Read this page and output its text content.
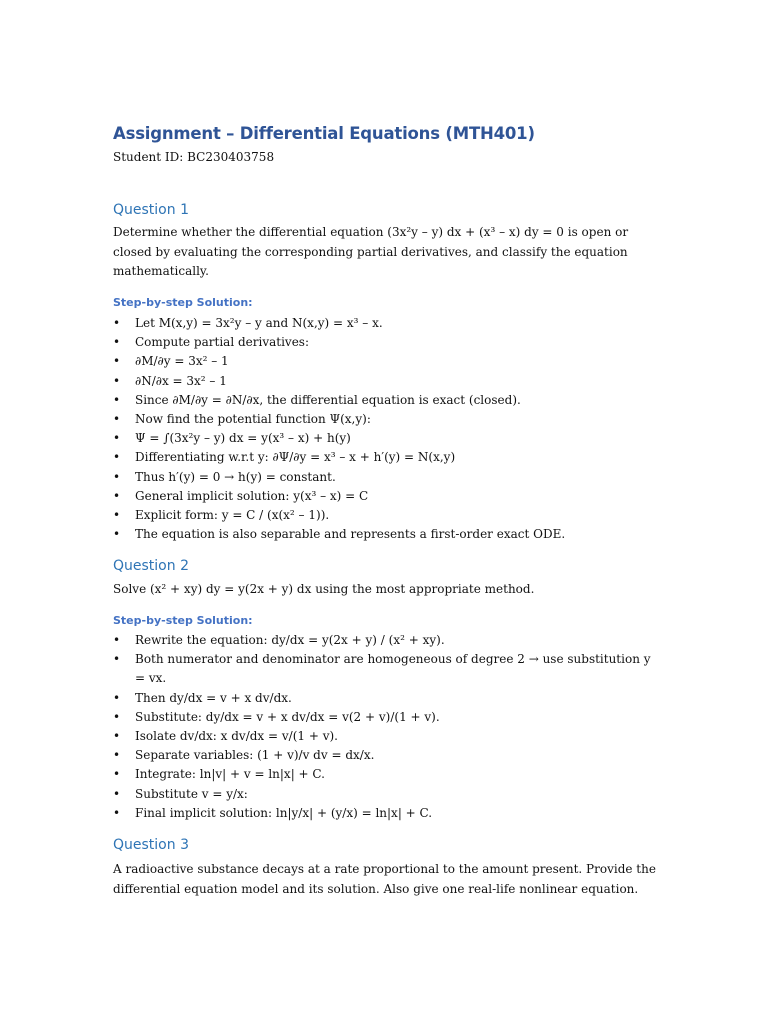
Assignment – Differential Equations (MTH401)
Student ID: BC230403758
Question 1
Determine whether the differential equation (3x²y – y) dx + (x³ – x) dy = 0 is open or closed by evaluating the corresponding partial derivatives, and classify the equation mathematically.
Step-by-step Solution:
• Let M(x,y) = 3x²y – y and N(x,y) = x³ – x.
• Compute partial derivatives:
• ∂M/∂y = 3x² – 1
• ∂N/∂x = 3x² – 1
• Since ∂M/∂y = ∂N/∂x, the differential equation is exact (closed).
• Now find the potential function Ψ(x,y):
• Ψ = ∫(3x²y – y) dx = y(x³ – x) + h(y)
• Differentiating w.r.t y: ∂Ψ/∂y = x³ – x + h′(y) = N(x,y)
• Thus h′(y) = 0 → h(y) = constant.
• General implicit solution: y(x³ – x) = C
• Explicit form: y = C / (x(x² – 1)).
• The equation is also separable and represents a first-order exact ODE.
Question 2
Solve (x² + xy) dy = y(2x + y) dx using the most appropriate method.
Step-by-step Solution:
• Rewrite the equation: dy/dx = y(2x + y) / (x² + xy).
• Both numerator and denominator are homogeneous of degree 2 → use substitution y = vx.
• Then dy/dx = v + x dv/dx.
• Substitute: dy/dx = v + x dv/dx = v(2 + v)/(1 + v).
• Isolate dv/dx: x dv/dx = v/(1 + v).
• Separate variables: (1 + v)/v dv = dx/x.
• Integrate: ln|v| + v = ln|x| + C.
• Substitute v = y/x:
• Final implicit solution: ln|y/x| + (y/x) = ln|x| + C.
Question 3
A radioactive substance decays at a rate proportional to the amount present. Provide the differential equation model and its solution. Also give one real-life nonlinear equation.
